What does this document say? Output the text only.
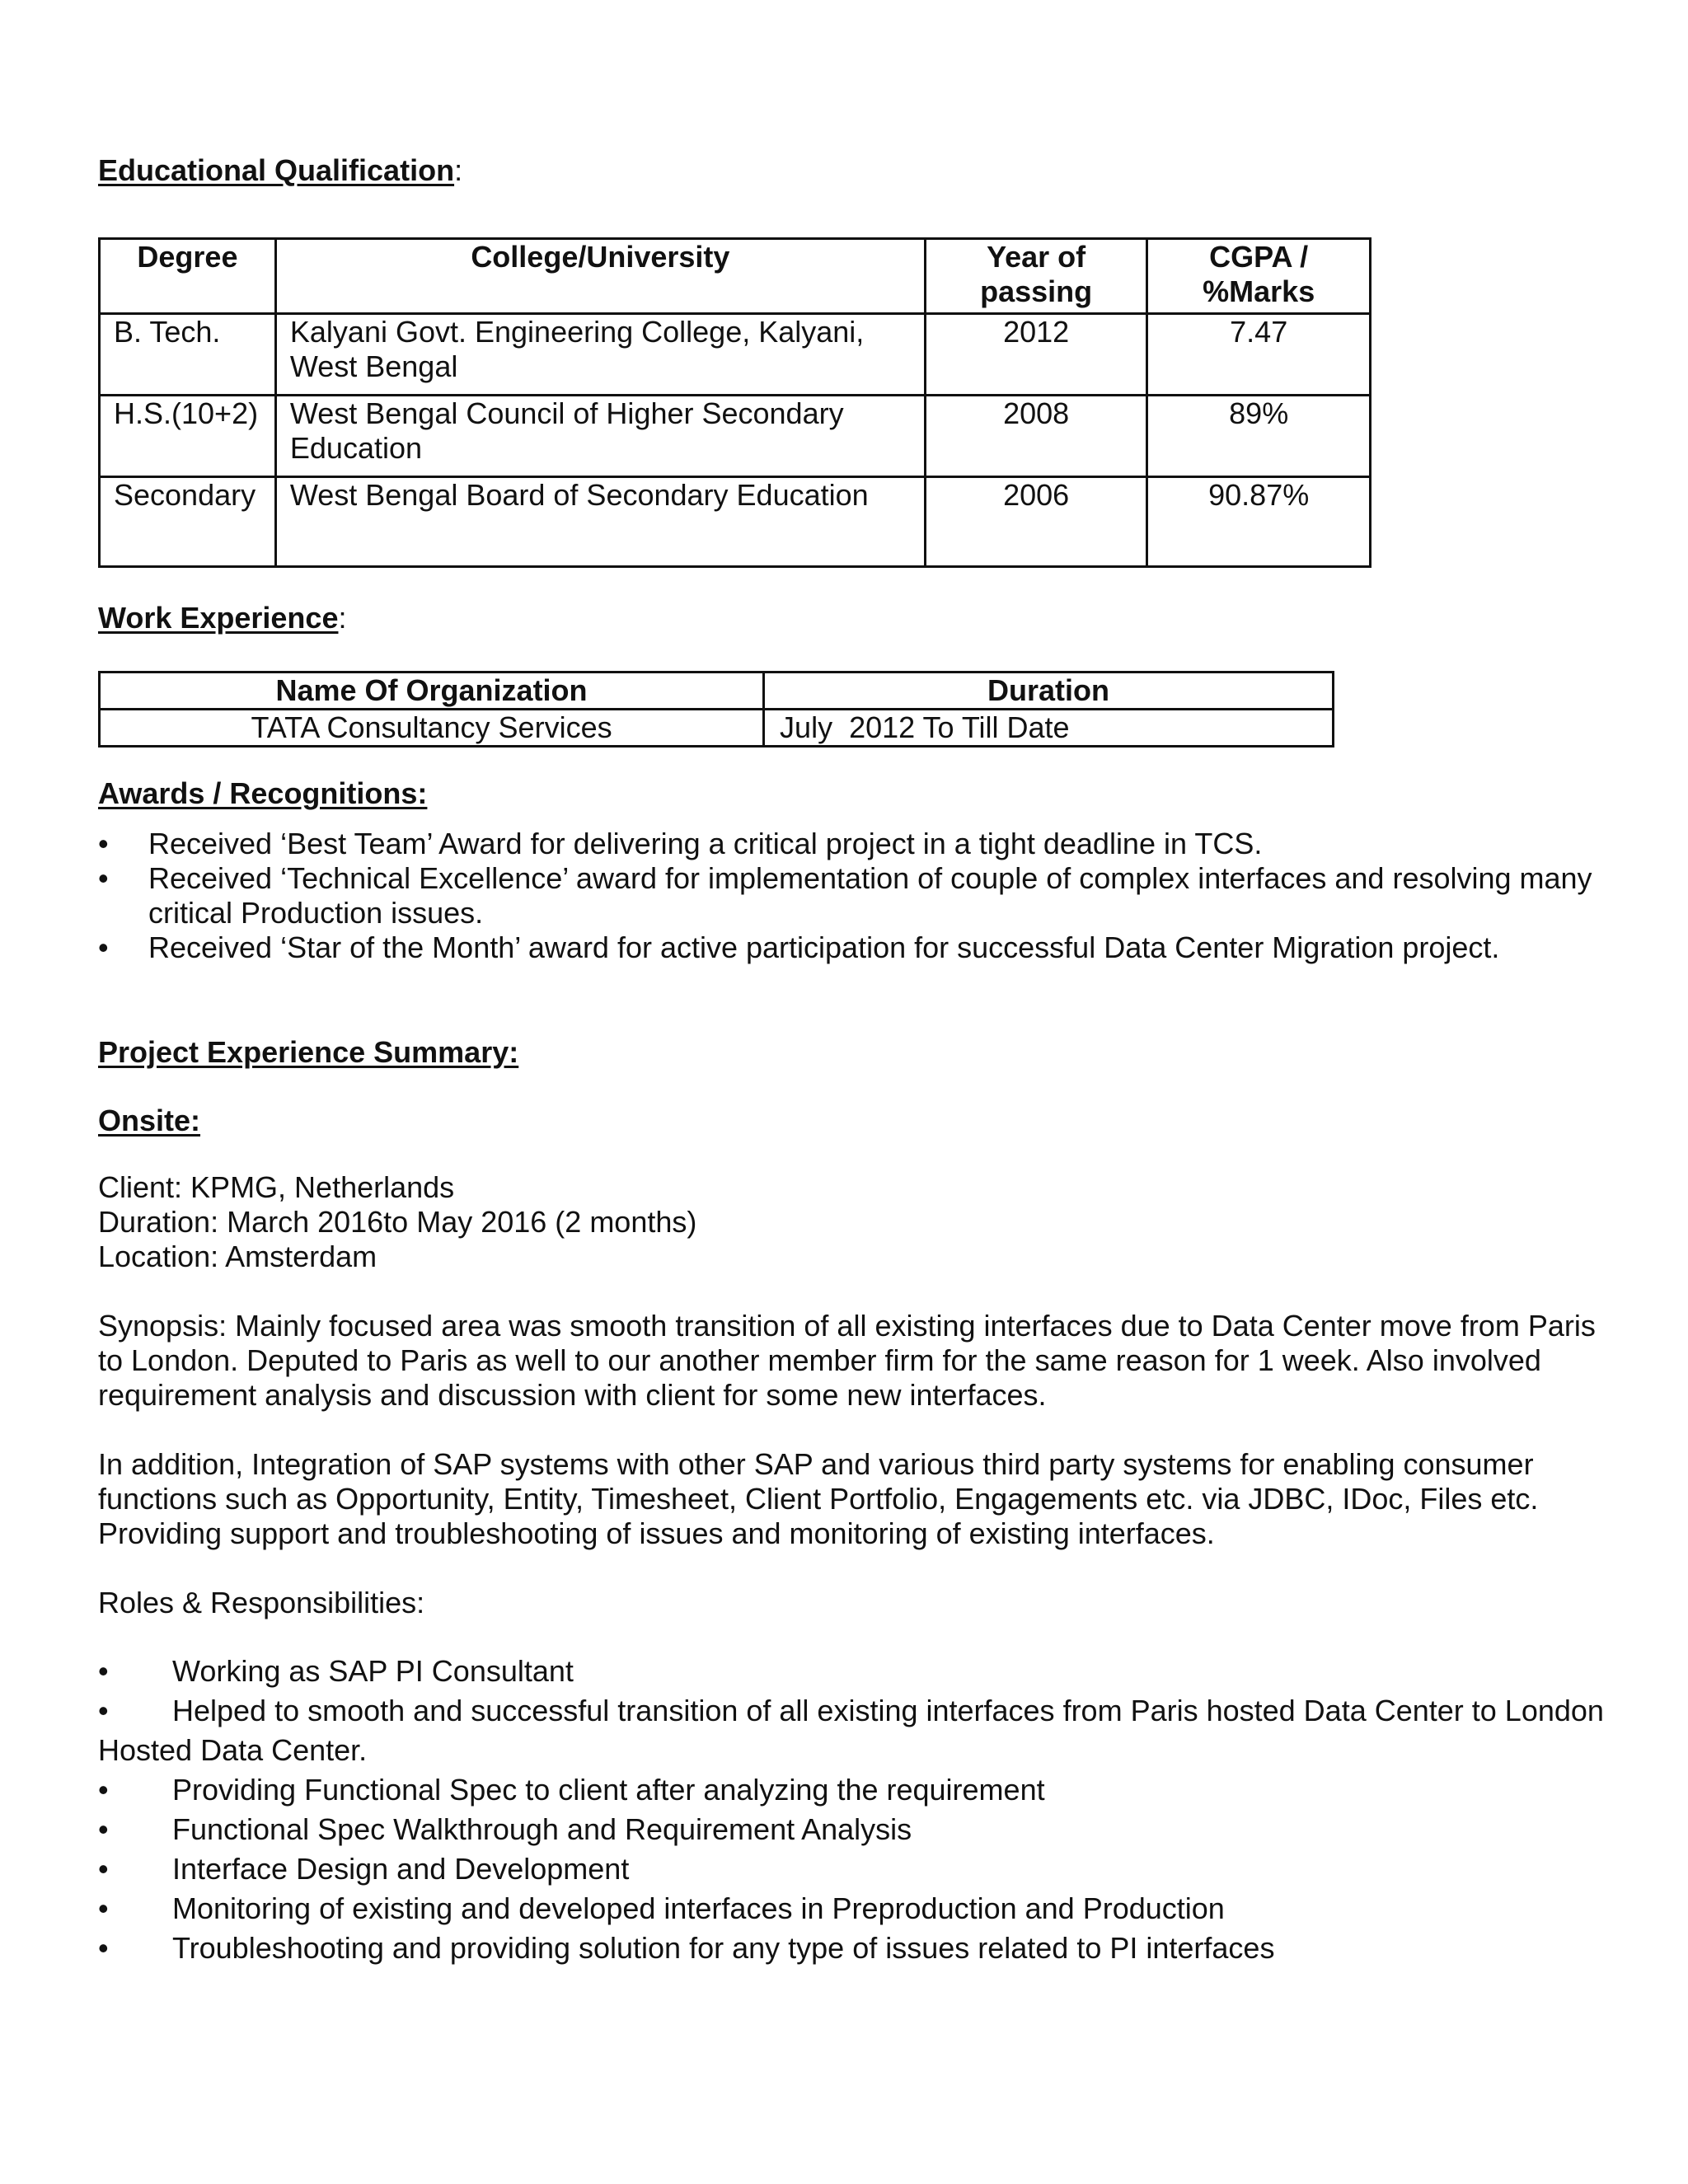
Educational Qualification:
Degree	College/University	Year of passing	CGPA / %Marks
B. Tech.	Kalyani Govt. Engineering College, Kalyani, West Bengal	2012	7.47
H.S.(10+2)	West Bengal Council of Higher Secondary Education	2008	89%
Secondary	West Bengal Board of Secondary Education	2006	90.87%
Work Experience:
Name Of Organization	Duration
TATA Consultancy Services	July  2012 To Till Date
Awards / Recognitions:
• Received ‘Best Team’ Award for delivering a critical project in a tight deadline in TCS.
• Received ‘Technical Excellence’ award for implementation of couple of complex interfaces and resolving many critical Production issues.
• Received ‘Star of the Month’ award for active participation for successful Data Center Migration project.
Project Experience Summary:
Onsite:
Client: KPMG, Netherlands
Duration: March 2016to May 2016 (2 months)
Location: Amsterdam
Synopsis: Mainly focused area was smooth transition of all existing interfaces due to Data Center move from Paris to London. Deputed to Paris as well to our another member firm for the same reason for 1 week. Also involved requirement analysis and discussion with client for some new interfaces.
In addition, Integration of SAP systems with other SAP and various third party systems for enabling consumer functions such as Opportunity, Entity, Timesheet, Client Portfolio, Engagements etc. via JDBC, IDoc, Files etc. Providing support and troubleshooting of issues and monitoring of existing interfaces.
Roles & Responsibilities:
• Working as SAP PI Consultant
• Helped to smooth and successful transition of all existing interfaces from Paris hosted Data Center to London Hosted Data Center.
• Providing Functional Spec to client after analyzing the requirement
• Functional Spec Walkthrough and Requirement Analysis
• Interface Design and Development
• Monitoring of existing and developed interfaces in Preproduction and Production
• Troubleshooting and providing solution for any type of issues related to PI interfaces
